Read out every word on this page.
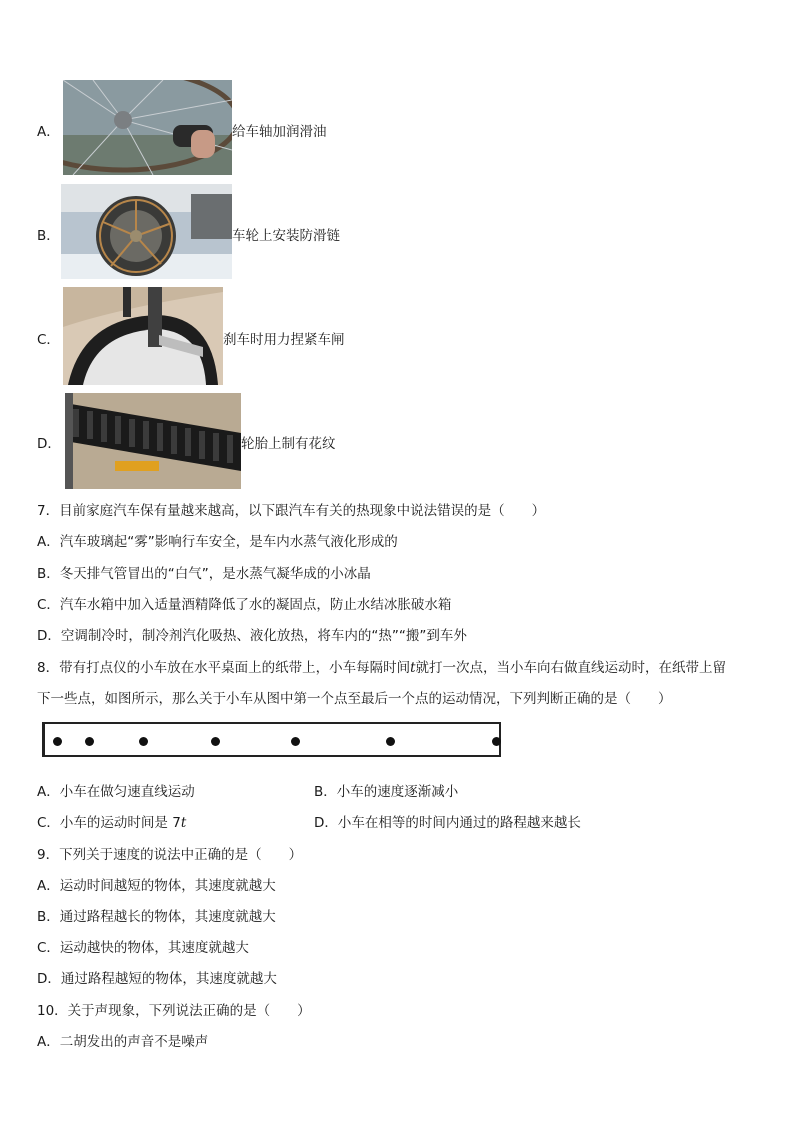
A．	给车轴加润滑油
B．	车轮上安装防滑链
C．	刹车时用力捏紧车闸
D．	轮胎上制有花纹
7．目前家庭汽车保有量越来越高，以下跟汽车有关的热现象中说法错误的是（　　）
A．汽车玻璃起“雾”影响行车安全，是车内水蒸气液化形成的
B．冬天排气管冒出的“白气”，是水蒸气凝华成的小冰晶
C．汽车水箱中加入适量酒精降低了水的凝固点，防止水结冰胀破水箱
D．空调制冷时，制冷剂汽化吸热、液化放热，将车内的“热”“搬”到车外
8．带有打点仪的小车放在水平桌面上的纸带上，小车每隔时间t就打一次点，当小车向右做直线运动时，在纸带上留
下一些点，如图所示，那么关于小车从图中第一个点至最后一个点的运动情况，下列判断正确的是（　　）
A．小车在做匀速直线运动	B．小车的速度逐渐减小
C．小车的运动时间是 7t	D．小车在相等的时间内通过的路程越来越长
9．下列关于速度的说法中正确的是（　　）
A．运动时间越短的物体，其速度就越大
B．通过路程越长的物体，其速度就越大
C．运动越快的物体，其速度就越大
D．通过路程越短的物体，其速度就越大
10．关于声现象，下列说法正确的是（　　）
A．二胡发出的声音不是噪声
